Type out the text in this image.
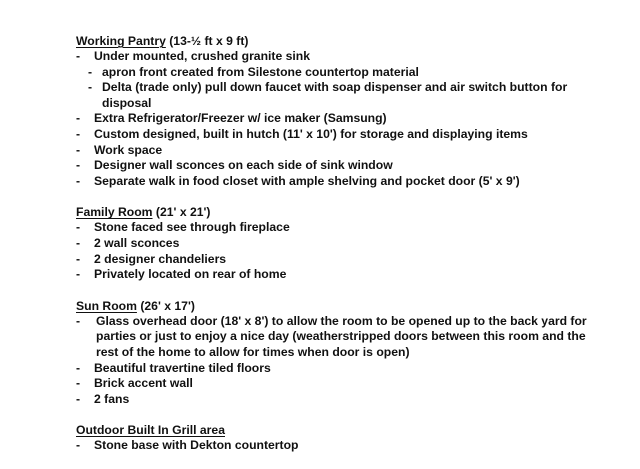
Working Pantry (13-½ ft x 9 ft)
-	Under mounted, crushed granite sink
- apron front created from Silestone countertop material
- Delta (trade only) pull down faucet with soap dispenser and air switch button for disposal
-	Extra Refrigerator/Freezer w/ ice maker (Samsung)
-	Custom designed, built in hutch (11' x 10') for storage and displaying items
-	Work space
-	Designer wall sconces on each side of sink window
-	Separate walk in food closet with ample shelving and pocket door (5' x 9')
Family Room (21' x 21')
-	Stone faced see through fireplace
-	2 wall sconces
-	2 designer chandeliers
-	Privately located on rear of home
Sun Room (26' x 17')
-	Glass overhead door (18' x 8') to allow the room to be opened up to the back yard for parties or just to enjoy a nice day (weatherstripped doors between this room and the rest of the home to allow for times when door is open)
-	Beautiful travertine tiled floors
-	Brick accent wall
-	2 fans
Outdoor Built In Grill area
-	Stone base with Dekton countertop
